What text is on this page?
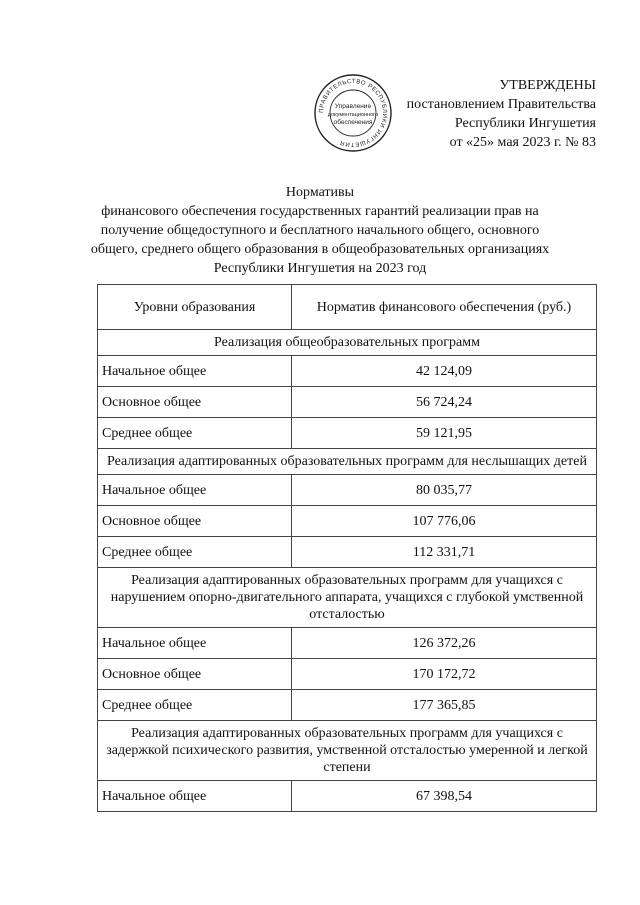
УТВЕРЖДЕНЫ
постановлением Правительства
Республики Ингушетия
от «25» мая 2023 г. № 83
ПРАВИТЕЛЬСТВО РЕСПУБЛИКИ ИНГУШЕТИЯ
Управление
документационного
обеспечения
Нормативы
финансового обеспечения государственных гарантий реализации прав на
получение общедоступного и бесплатного начального общего, основного
общего, среднего общего образования в общеобразовательных организациях
Республики Ингушетия на 2023 год
Уровни образования	Норматив финансового обеспечения (руб.)
Реализация общеобразовательных программ	
Начальное общее	42 124,09
Основное общее	56 724,24
Среднее общее	59 121,95
Реализация адаптированных образовательных программ для неслышащих детей	
Начальное общее	80 035,77
Основное общее	107 776,06
Среднее общее	112 331,71
Реализация адаптированных образовательных программ для учащихся с нарушением опорно-двигательного аппарата, учащихся с глубокой умственной отсталостью	
Начальное общее	126 372,26
Основное общее	170 172,72
Среднее общее	177 365,85
Реализация адаптированных образовательных программ для учащихся с задержкой психического развития, умственной отсталостью умеренной и легкой степени	
Начальное общее	67 398,54
